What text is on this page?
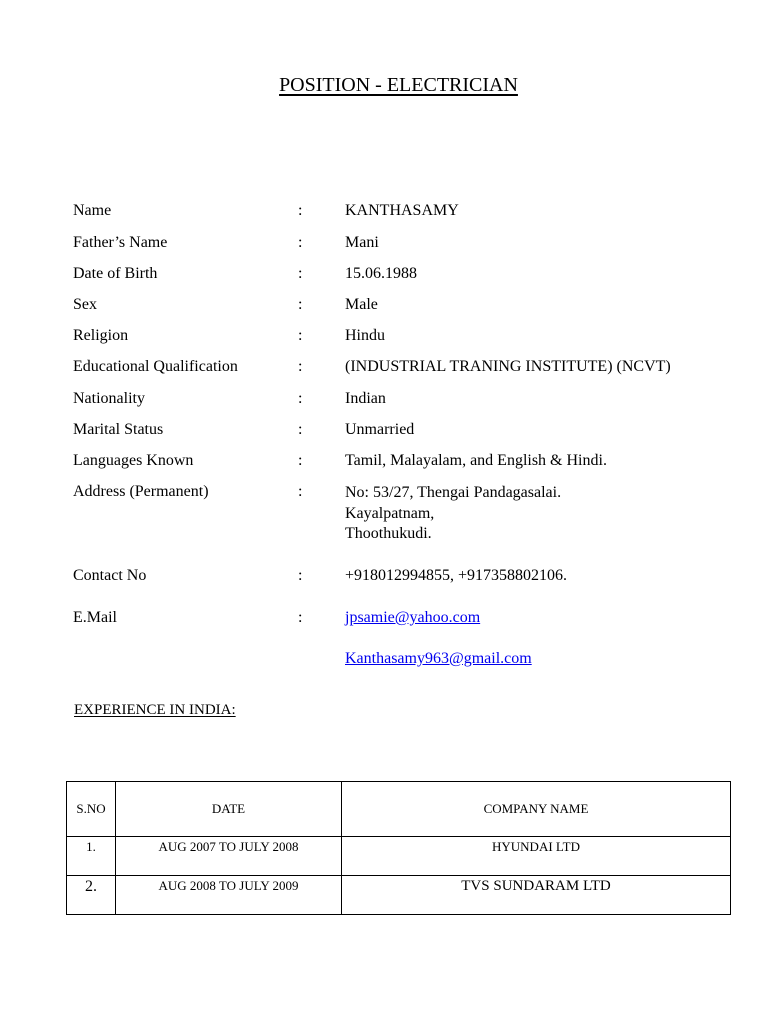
POSITION - ELECTRICIAN
Name	:	KANTHASAMY
Father’s Name	:	Mani
Date of Birth	:	15.06.1988
Sex	:	Male
Religion	:	Hindu
Educational Qualification	:	(INDUSTRIAL TRANING INSTITUTE) (NCVT)
Nationality	:	Indian
Marital Status	:	Unmarried
Languages Known	:	Tamil, Malayalam, and English & Hindi.
Address (Permanent)	:	No: 53/27, Thengai Pandagasalai.
Kayalpatnam,
Thoothukudi.
Contact No	:	+918012994855, +917358802106.
E.Mail	:	jpsamie@yahoo.com
Kanthasamy963@gmail.com
EXPERIENCE IN INDIA:
S.NO	DATE	COMPANY NAME
1.	AUG 2007 TO JULY 2008	HYUNDAI LTD
2.	AUG 2008 TO JULY 2009	TVS SUNDARAM LTD
